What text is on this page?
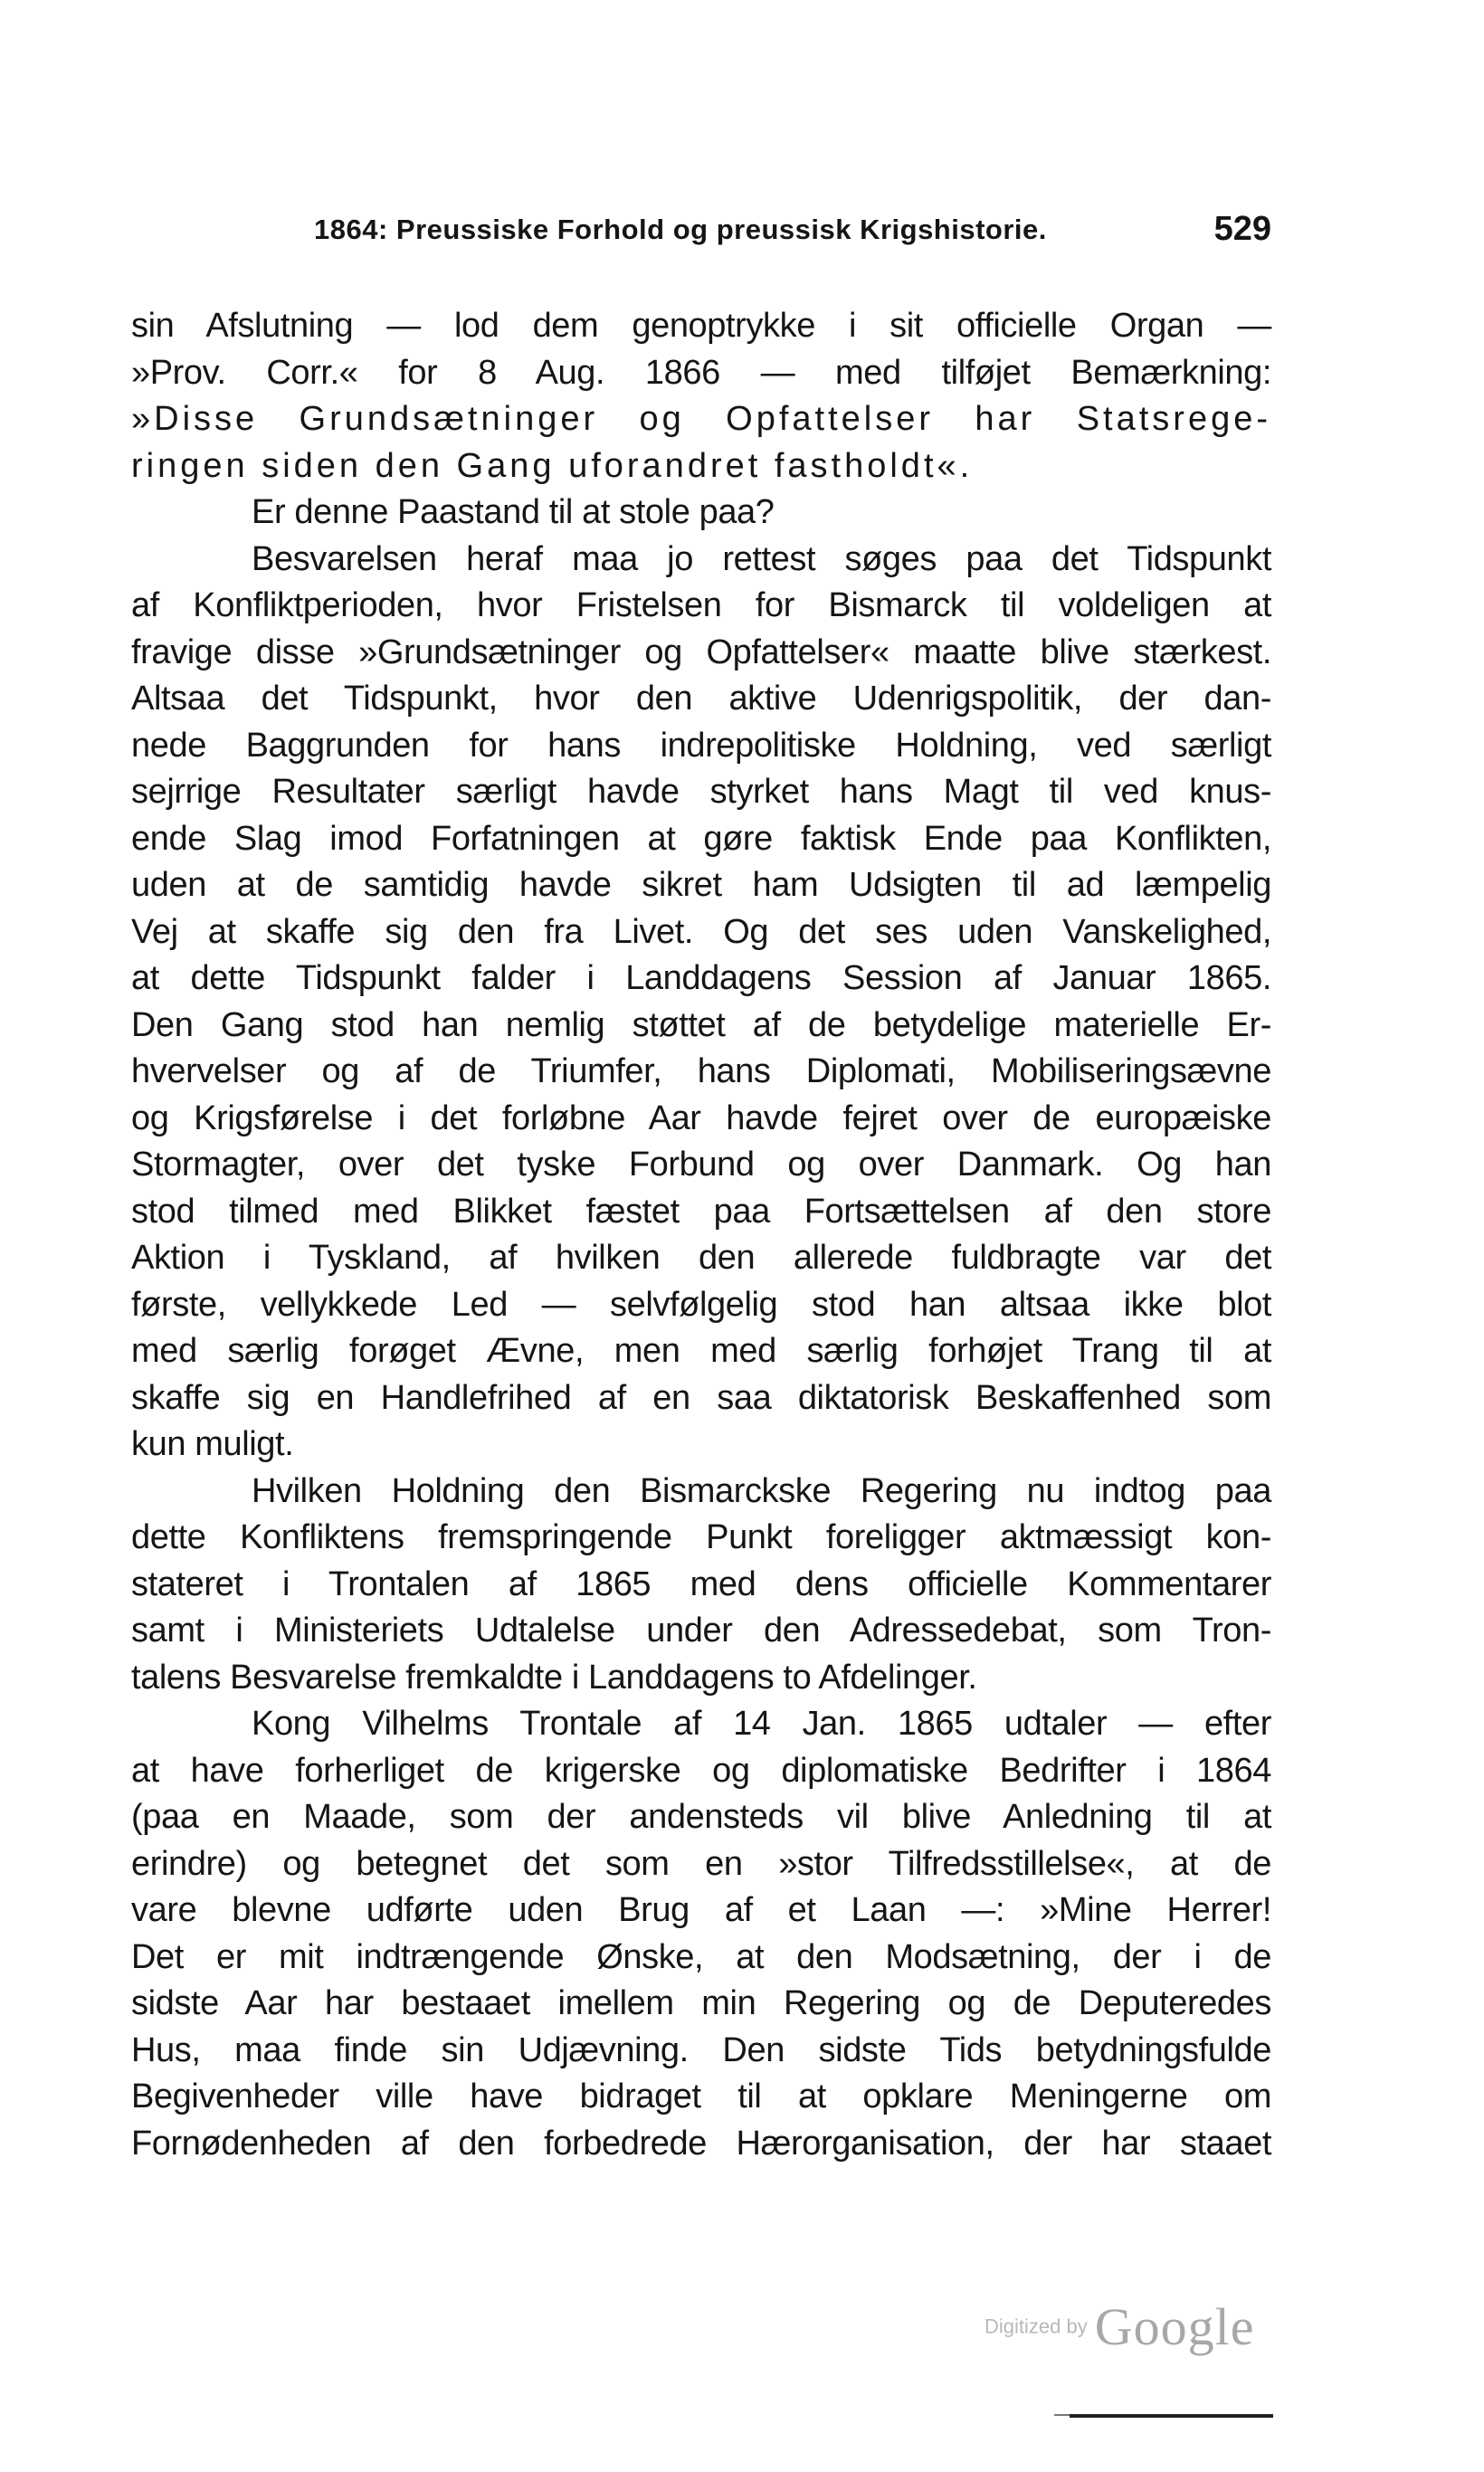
1864: Preussiske Forhold og preussisk Krigshistorie.	529
sin Afslutning — lod dem genoptrykke i sit officielle Organ —
»Prov. Corr.« for 8 Aug. 1866 — med tilføjet Bemærkning:
»Disse Grundsætninger og Opfattelser har Statsrege-
ringen siden den Gang uforandret fastholdt«.
Er denne Paastand til at stole paa?
Besvarelsen heraf maa jo rettest søges paa det Tidspunkt
af Konfliktperioden, hvor Fristelsen for Bismarck til voldeligen at
fravige disse »Grundsætninger og Opfattelser« maatte blive stærkest.
Altsaa det Tidspunkt, hvor den aktive Udenrigspolitik, der dan-
nede Baggrunden for hans indrepolitiske Holdning, ved særligt
sejrrige Resultater særligt havde styrket hans Magt til ved knus-
ende Slag imod Forfatningen at gøre faktisk Ende paa Konflikten,
uden at de samtidig havde sikret ham Udsigten til ad læmpelig
Vej at skaffe sig den fra Livet. Og det ses uden Vanskelighed,
at dette Tidspunkt falder i Landdagens Session af Januar 1865.
Den Gang stod han nemlig støttet af de betydelige materielle Er-
hvervelser og af de Triumfer, hans Diplomati, Mobiliseringsævne
og Krigsførelse i det forløbne Aar havde fejret over de europæiske
Stormagter, over det tyske Forbund og over Danmark. Og han
stod tilmed med Blikket fæstet paa Fortsættelsen af den store
Aktion i Tyskland, af hvilken den allerede fuldbragte var det
første, vellykkede Led — selvfølgelig stod han altsaa ikke blot
med særlig forøget Ævne, men med særlig forhøjet Trang til at
skaffe sig en Handlefrihed af en saa diktatorisk Beskaffenhed som
kun muligt.
Hvilken Holdning den Bismarckske Regering nu indtog paa
dette Konfliktens fremspringende Punkt foreligger aktmæssigt kon-
stateret i Trontalen af 1865 med dens officielle Kommentarer
samt i Ministeriets Udtalelse under den Adressedebat, som Tron-
talens Besvarelse fremkaldte i Landdagens to Afdelinger.
Kong Vilhelms Trontale af 14 Jan. 1865 udtaler — efter
at have forherliget de krigerske og diplomatiske Bedrifter i 1864
(paa en Maade, som der andensteds vil blive Anledning til at
erindre) og betegnet det som en »stor Tilfredsstillelse«, at de
vare blevne udførte uden Brug af et Laan —: »Mine Herrer!
Det er mit indtrængende Ønske, at den Modsætning, der i de
sidste Aar har bestaaet imellem min Regering og de Deputeredes
Hus, maa finde sin Udjævning. Den sidste Tids betydningsfulde
Begivenheder ville have bidraget til at opklare Meningerne om
Fornødenheden af den forbedrede Hærorganisation, der har staaet
Digitized by Google
